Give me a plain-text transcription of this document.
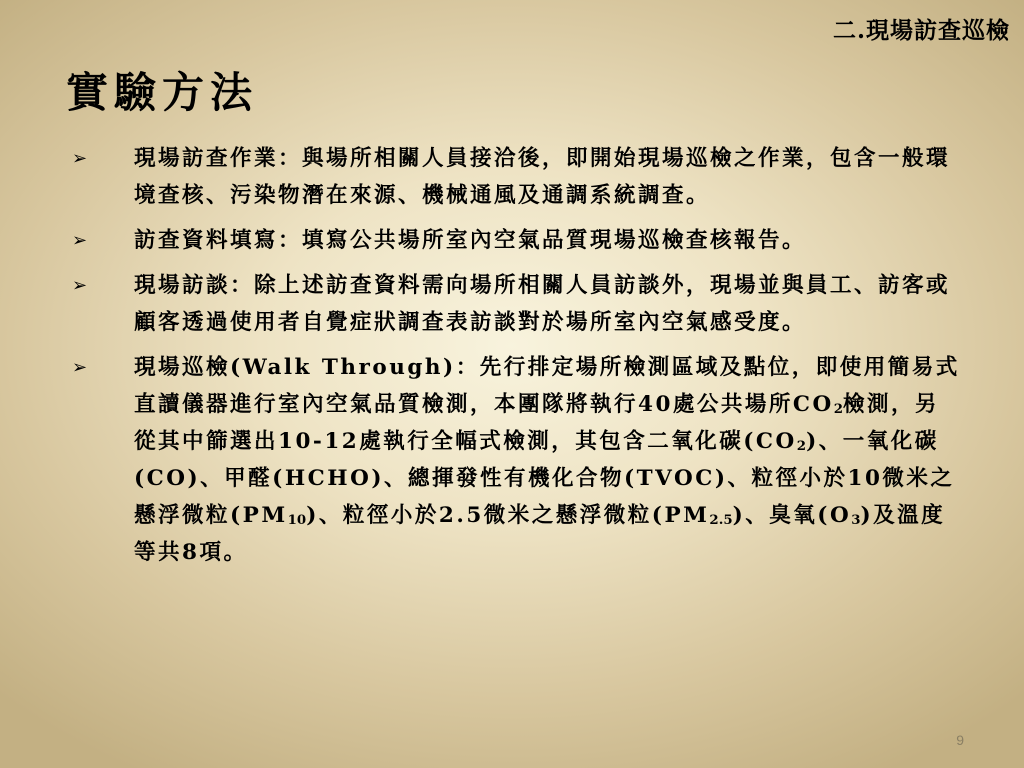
二.現場訪查巡檢
實驗方法
➢ 現場訪查作業：與場所相關人員接洽後，即開始現場巡檢之作業，包含一般環境查核、污染物潛在來源、機械通風及通調系統調查。
➢ 訪查資料填寫：填寫公共場所室內空氣品質現場巡檢查核報告。
➢ 現場訪談：除上述訪查資料需向場所相關人員訪談外，現場並與員工、訪客或顧客透過使用者自覺症狀調查表訪談對於場所室內空氣感受度。
➢ 現場巡檢(Walk Through)：先行排定場所檢測區域及點位，即使用簡易式直讀儀器進行室內空氣品質檢測，本團隊將執行40處公共場所$CO_2$檢測，另從其中篩選出10-12處執行全幅式檢測，其包含二氧化碳$(CO_2)$、一氧化碳(CO)、甲醛(HCHO)、總揮發性有機化合物(TVOC)、粒徑小於10微米之懸浮微粒$(PM_{10})$、粒徑小於2.5微米之懸浮微粒$(PM_{2.5})$、臭氧$(O_3)$及溫度等共8項。
9
